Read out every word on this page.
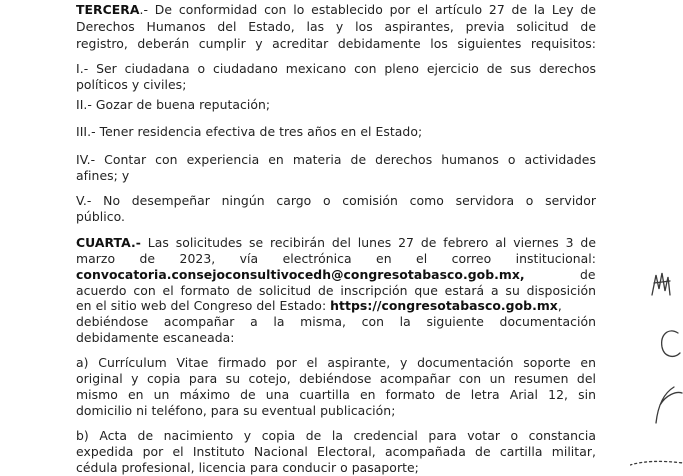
TERCERA.- De conformidad con lo establecido por el artículo 27 de la Ley de
Derechos Humanos del Estado, las y los aspirantes, previa solicitud de
registro, deberán cumplir y acreditar debidamente los siguientes requisitos:
I.- Ser ciudadana o ciudadano mexicano con pleno ejercicio de sus derechos
políticos y civiles;
II.- Gozar de buena reputación;
III.- Tener residencia efectiva de tres años en el Estado;
IV.- Contar con experiencia en materia de derechos humanos o actividades
afines; y
V.- No desempeñar ningún cargo o comisión como servidora o servidor
público.
CUARTA.- Las solicitudes se recibirán del lunes 27 de febrero al viernes 3 de
marzo de 2023, vía electrónica en el correo institucional:
convocatoria.consejoconsultivocedh@congresotabasco.gob.mx,	de
acuerdo con el formato de solicitud de inscripción que estará a su disposición
en el sitio web del Congreso del Estado: https://congresotabasco.gob.mx,
debiéndose acompañar a la misma, con la siguiente documentación
debidamente escaneada:
a) Currículum Vitae firmado por el aspirante, y documentación soporte en
original y copia para su cotejo, debiéndose acompañar con un resumen del
mismo en un máximo de una cuartilla en formato de letra Arial 12, sin
domicilio ni teléfono, para su eventual publicación;
b) Acta de nacimiento y copia de la credencial para votar o constancia
expedida por el Instituto Nacional Electoral, acompañada de cartilla militar,
cédula profesional, licencia para conducir o pasaporte;
